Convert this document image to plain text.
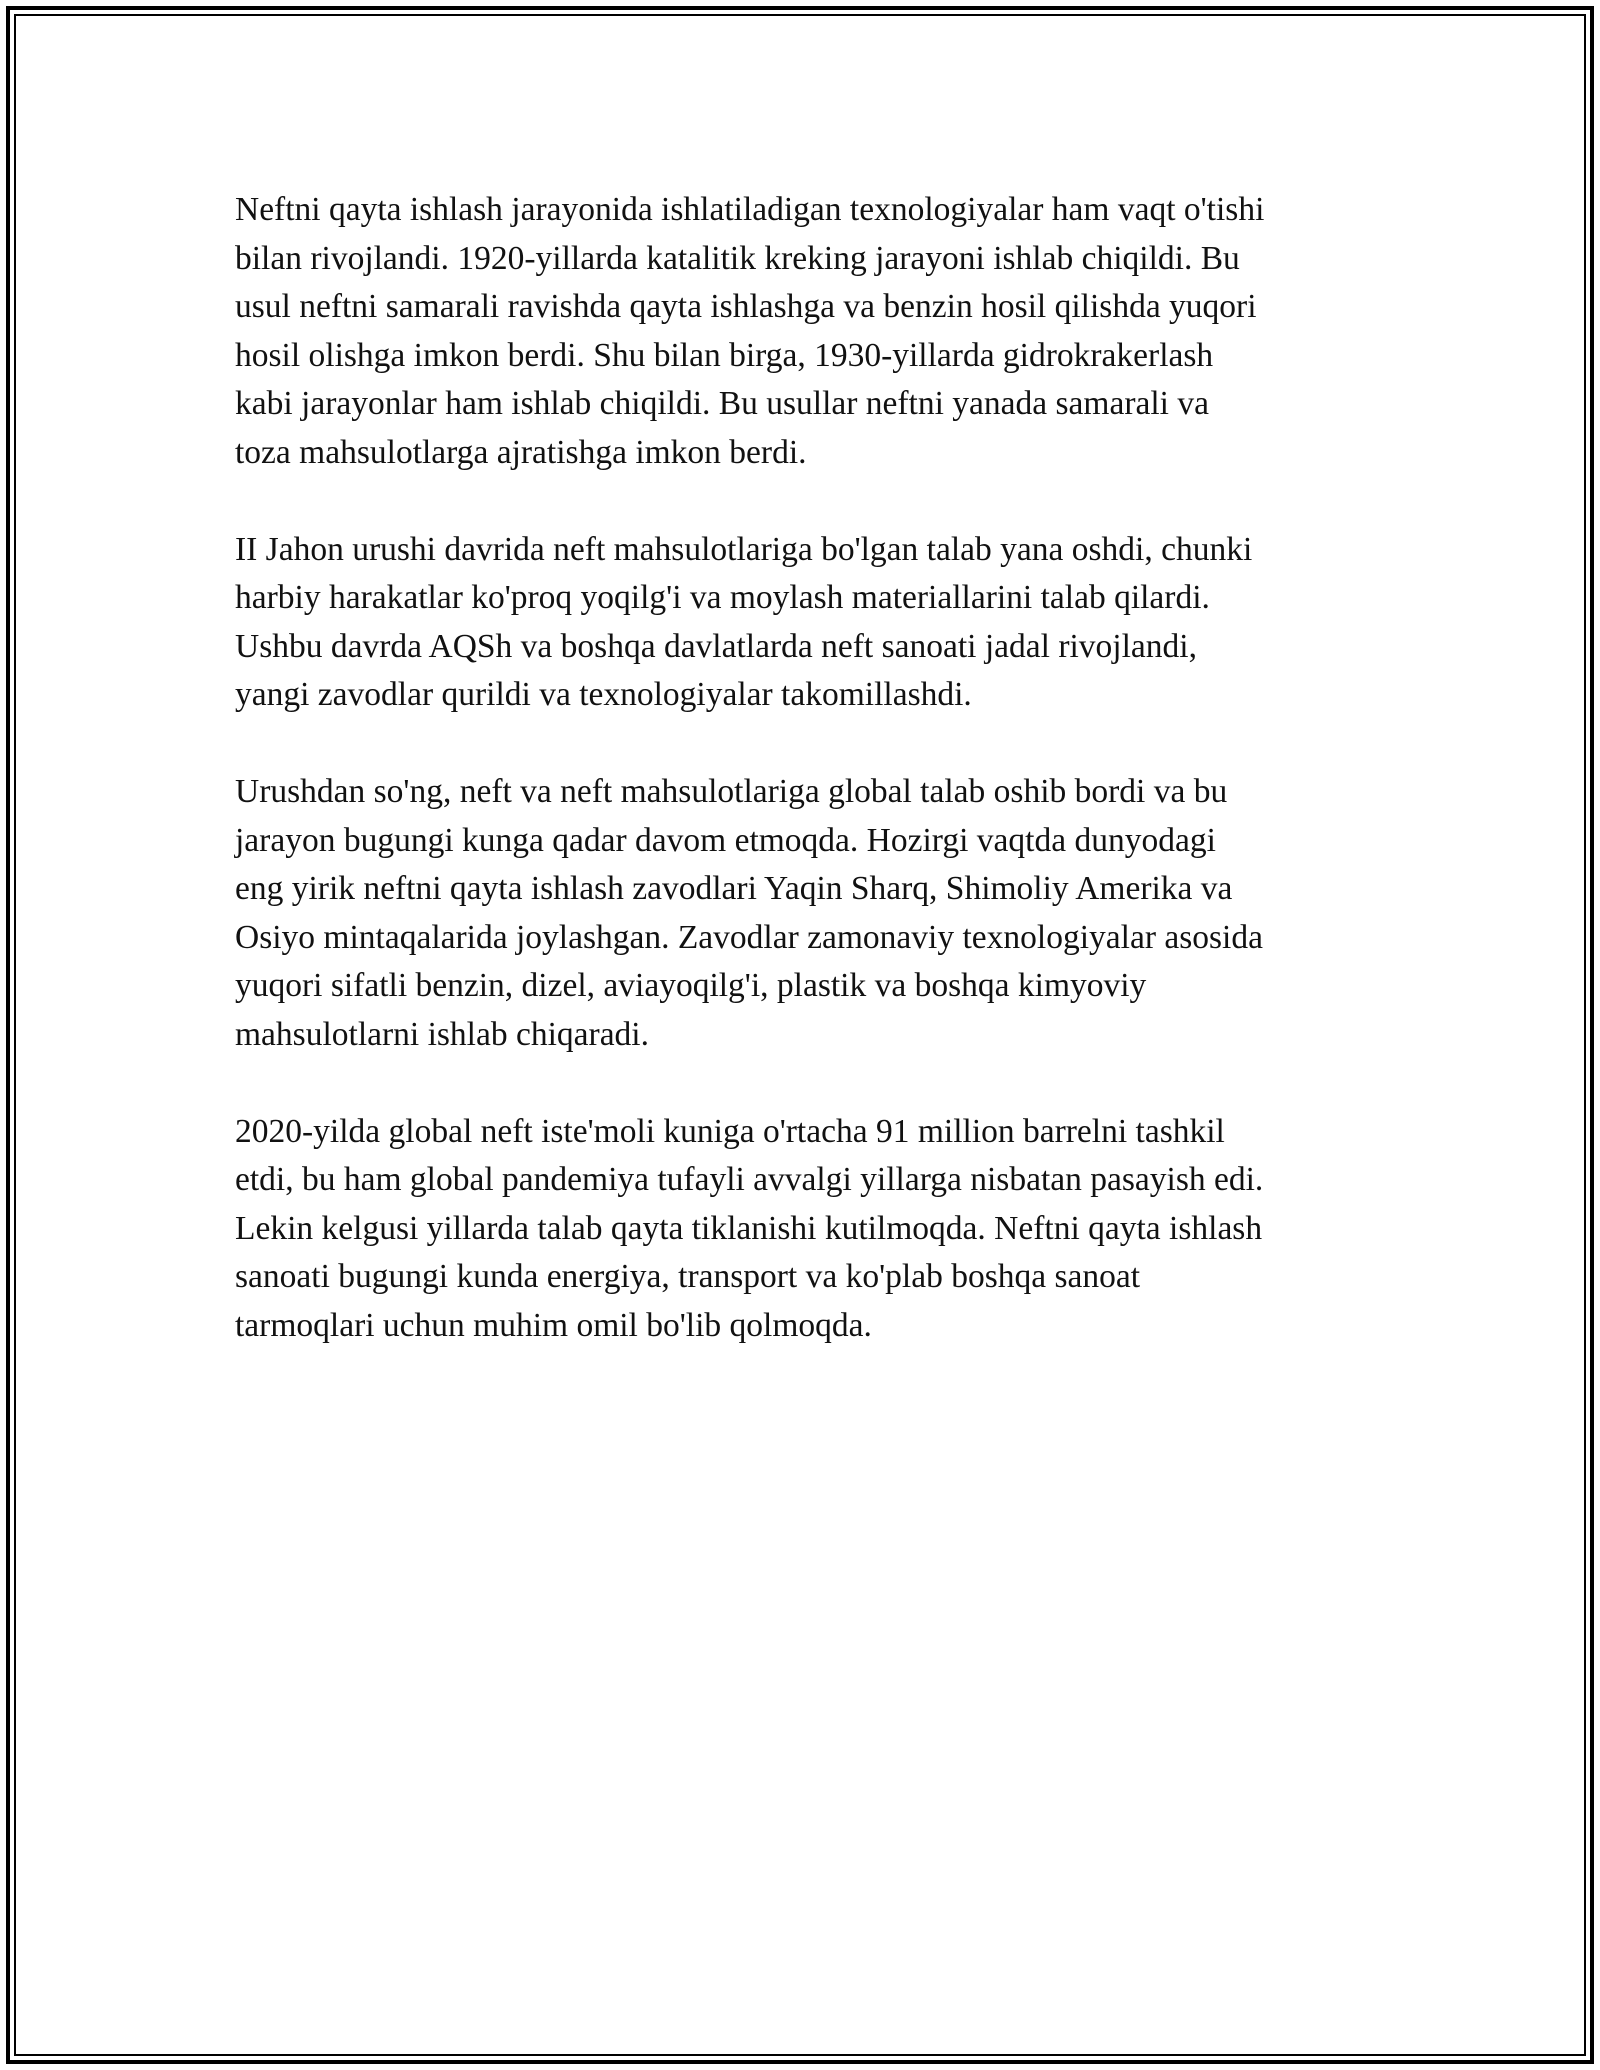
Neftni qayta ishlash jarayonida ishlatiladigan texnologiyalar ham vaqt o'tishi
bilan rivojlandi. 1920-yillarda katalitik kreking jarayoni ishlab chiqildi. Bu
usul neftni samarali ravishda qayta ishlashga va benzin hosil qilishda yuqori
hosil olishga imkon berdi. Shu bilan birga, 1930-yillarda gidrokrakerlash
kabi jarayonlar ham ishlab chiqildi. Bu usullar neftni yanada samarali va
toza mahsulotlarga ajratishga imkon berdi.

II Jahon urushi davrida neft mahsulotlariga bo'lgan talab yana oshdi, chunki
harbiy harakatlar ko'proq yoqilg'i va moylash materiallarini talab qilardi.
Ushbu davrda AQSh va boshqa davlatlarda neft sanoati jadal rivojlandi,
yangi zavodlar qurildi va texnologiyalar takomillashdi.

Urushdan so'ng, neft va neft mahsulotlariga global talab oshib bordi va bu
jarayon bugungi kunga qadar davom etmoqda. Hozirgi vaqtda dunyodagi
eng yirik neftni qayta ishlash zavodlari Yaqin Sharq, Shimoliy Amerika va
Osiyo mintaqalarida joylashgan. Zavodlar zamonaviy texnologiyalar asosida
yuqori sifatli benzin, dizel, aviayoqilg'i, plastik va boshqa kimyoviy
mahsulotlarni ishlab chiqaradi.

2020-yilda global neft iste'moli kuniga o'rtacha 91 million barrelni tashkil
etdi, bu ham global pandemiya tufayli avvalgi yillarga nisbatan pasayish edi.
Lekin kelgusi yillarda talab qayta tiklanishi kutilmoqda. Neftni qayta ishlash
sanoati bugungi kunda energiya, transport va ko'plab boshqa sanoat
tarmoqlari uchun muhim omil bo'lib qolmoqda.
